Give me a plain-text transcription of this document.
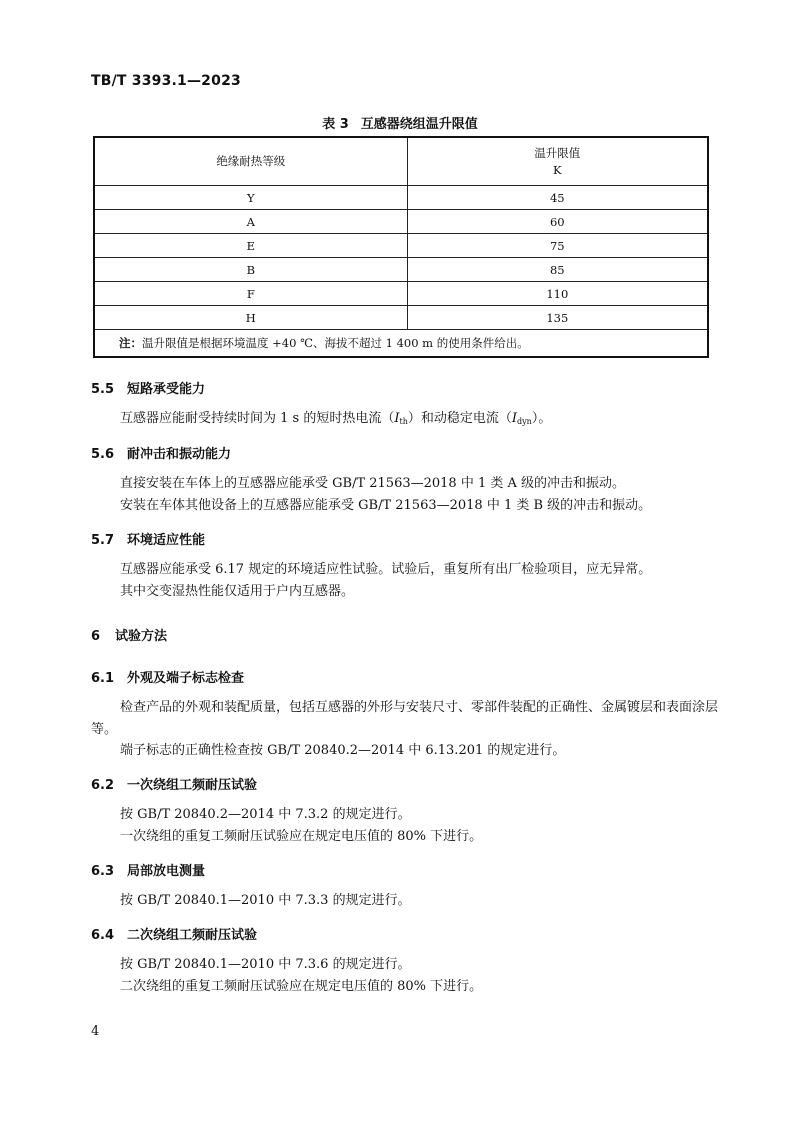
TB/T 3393.1—2023
表 3 互感器绕组温升限值
绝缘耐热等级	温升限值
K

Y	45
A	60
E	75
B	85
F	110
H	135
注：温升限值是根据环境温度 +40 ℃、海拔不超过 1 400 m 的使用条件给出。	
5.5 短路承受能力
互感器应能耐受持续时间为 1 s 的短时热电流$(I_{th})$和动稳定电流$(I_{dyn})$。
5.6 耐冲击和振动能力
直接安装在车体上的互感器应能承受 GB/T 21563—2018 中 1 类 A 级的冲击和振动。
安装在车体其他设备上的互感器应能承受 GB/T 21563—2018 中 1 类 B 级的冲击和振动。
5.7 环境适应性能
互感器应能承受 6.17 规定的环境适应性试验。试验后，重复所有出厂检验项目，应无异常。
其中交变湿热性能仅适用于户内互感器。
6 试验方法
6.1 外观及端子标志检查
检查产品的外观和装配质量，包括互感器的外形与安装尺寸、零部件装配的正确性、金属镀层和表面涂层等。
端子标志的正确性检查按 GB/T 20840.2—2014 中 6.13.201 的规定进行。
6.2 一次绕组工频耐压试验
按 GB/T 20840.2—2014 中 7.3.2 的规定进行。
一次绕组的重复工频耐压试验应在规定电压值的 80% 下进行。
6.3 局部放电测量
按 GB/T 20840.1—2010 中 7.3.3 的规定进行。
6.4 二次绕组工频耐压试验
按 GB/T 20840.1—2010 中 7.3.6 的规定进行。
二次绕组的重复工频耐压试验应在规定电压值的 80% 下进行。
4
